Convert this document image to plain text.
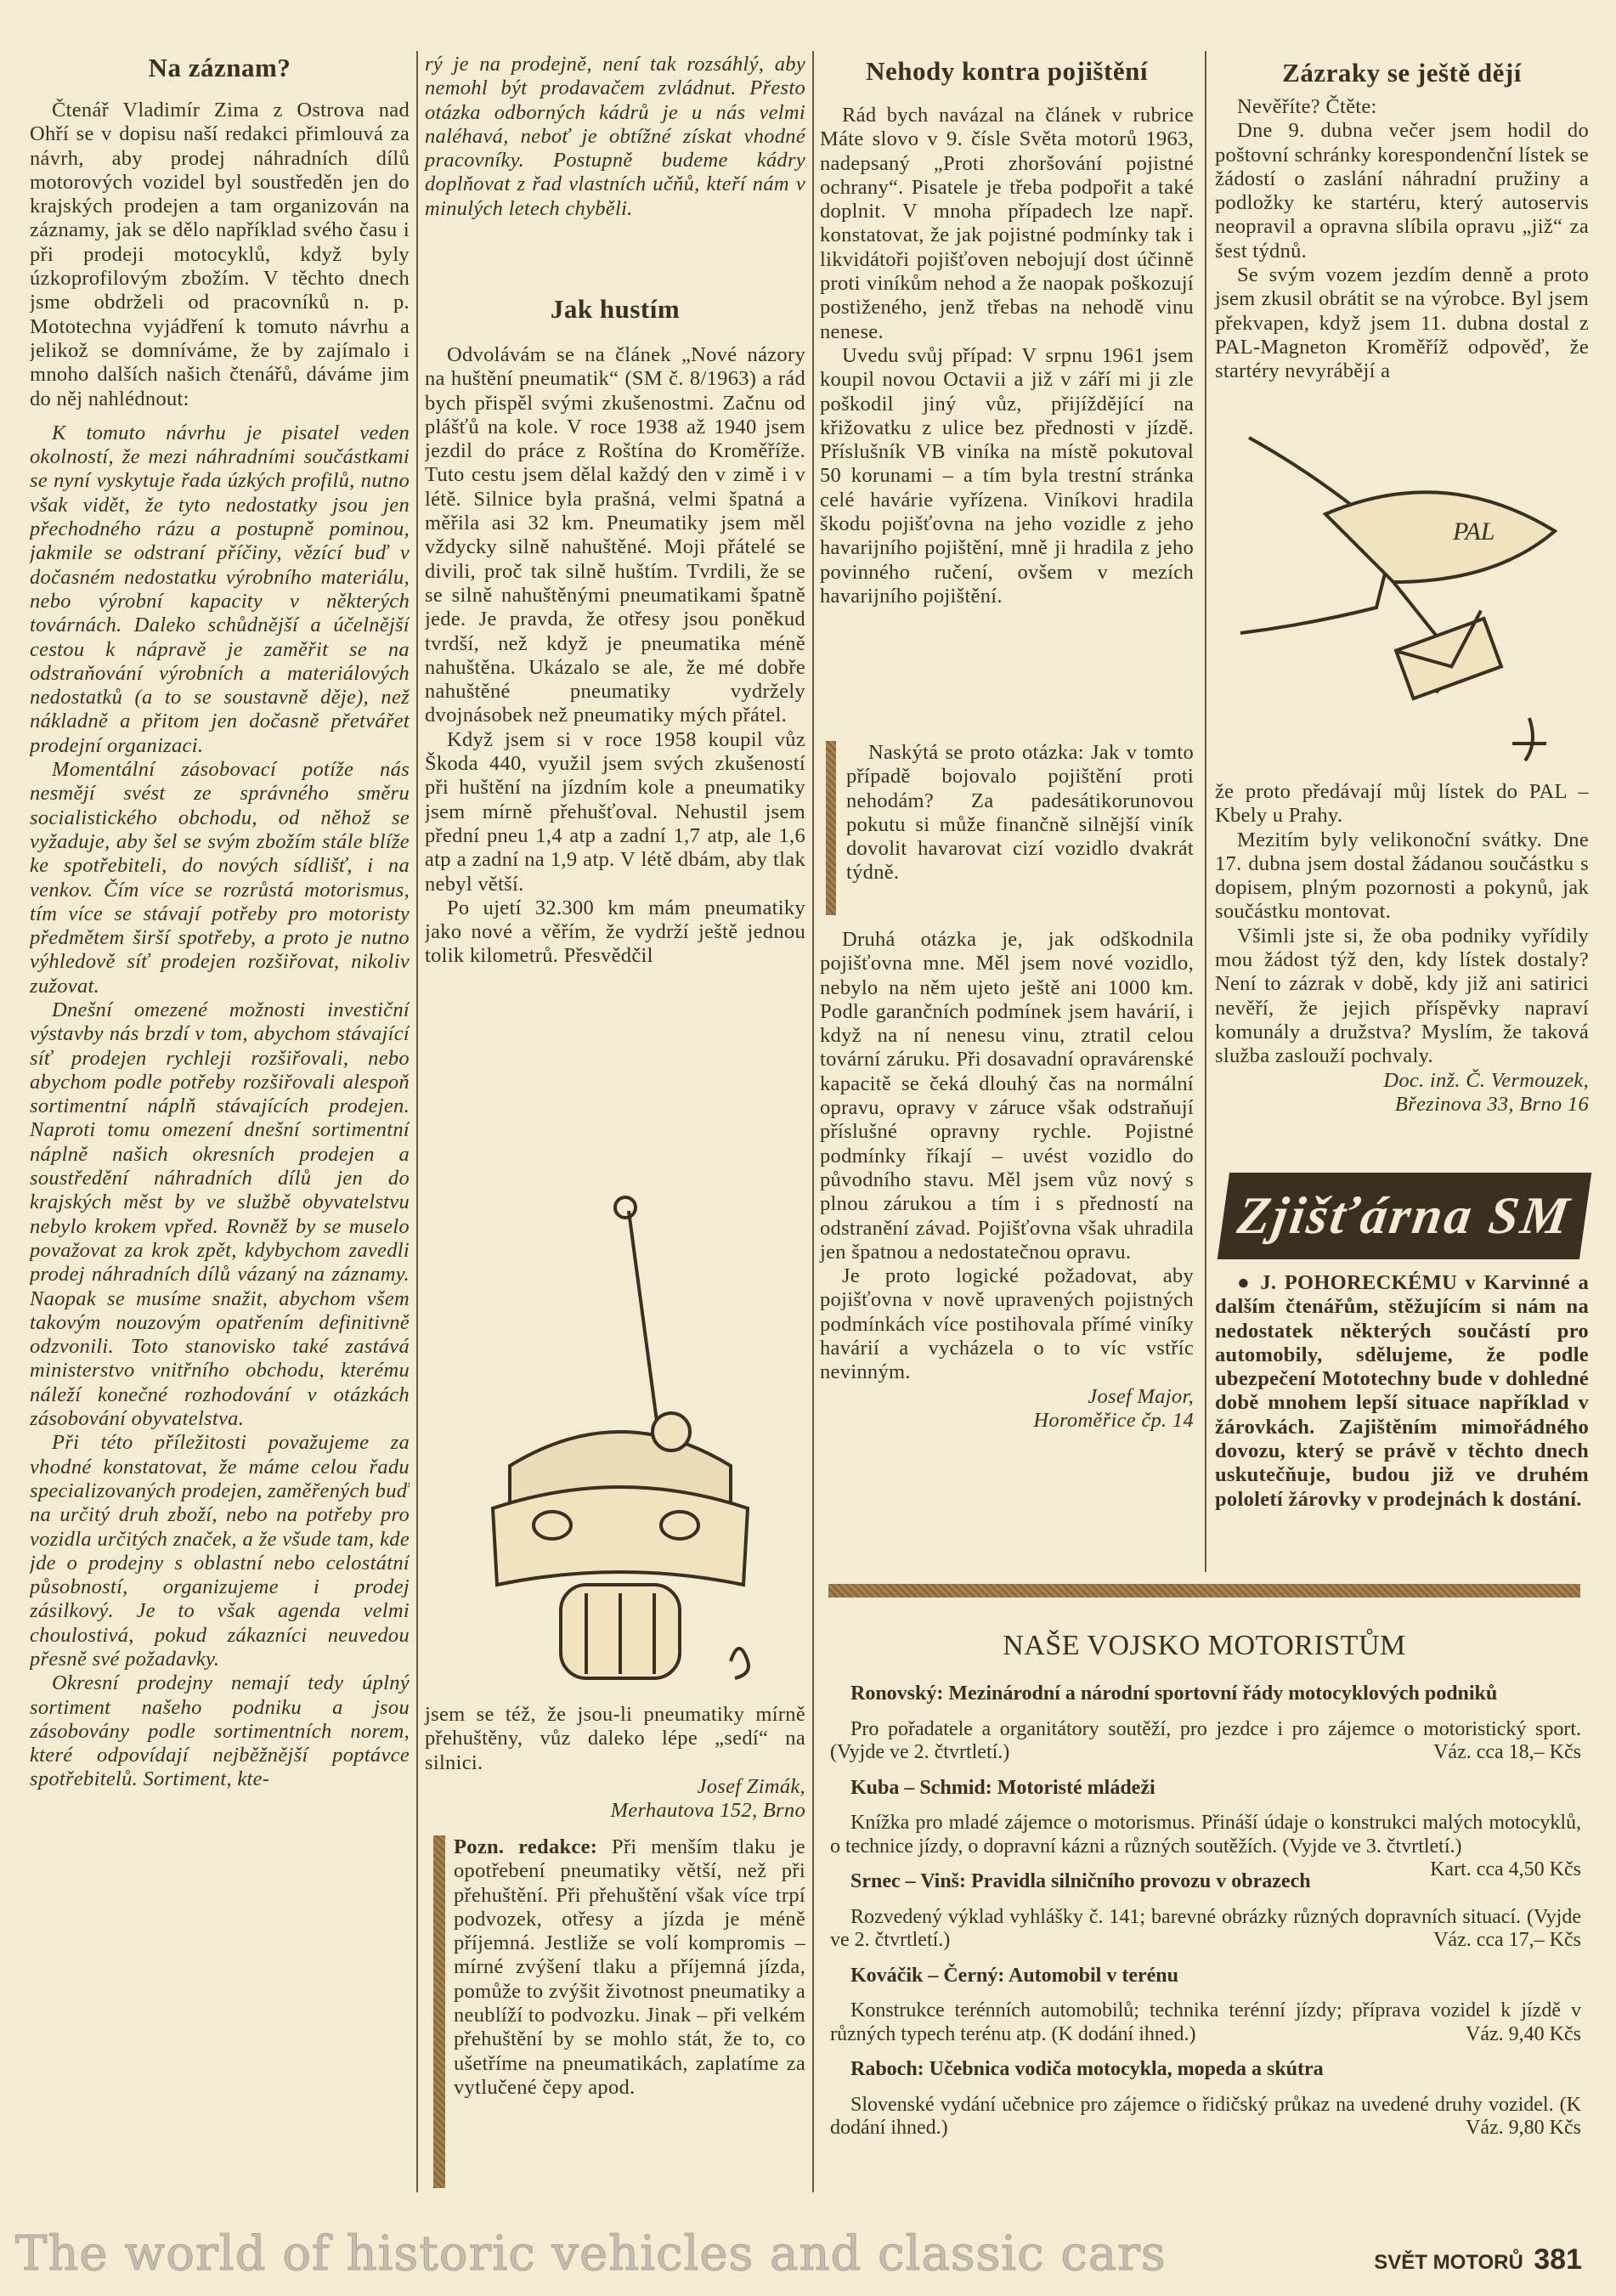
Na záznam?

Čtenář Vladimír Zima z Ostrova nad Ohří se v dopisu naší redakci přimlouvá za návrh, aby prodej náhradních dílů motorových vozidel byl soustředěn jen do krajských prodejen a tam organizován na záznamy, jak se dělo například svého času i při prodeji motocyklů, když byly úzkoprofilovým zbožím. V těchto dnech jsme obdrželi od pracovníků n. p. Mototechna vyjádření k tomuto návrhu a jelikož se domníváme, že by zajímalo i mnoho dalších našich čtenářů, dáváme jim do něj nahlédnout:

K tomuto návrhu je pisatel veden okolností, že mezi náhradními součástkami se nyní vyskytuje řada úzkých profilů, nutno však vidět, že tyto nedostatky jsou jen přechodného rázu a postupně pominou, jakmile se odstraní příčiny, vězící buď v dočasném nedostatku výrobního materiálu, nebo výrobní kapacity v některých továrnách. Daleko schůdnější a účelnější cestou k nápravě je zaměřit se na odstraňování výrobních a materiálových nedostatků (a to se soustavně děje), než nákladně a přitom jen dočasně přetvářet prodejní organizaci.

Momentální zásobovací potíže nás nesmějí svést ze správného směru socialistického obchodu, od něhož se vyžaduje, aby šel se svým zbožím stále blíže ke spotřebiteli, do nových sídlišť, i na venkov. Čím více se rozrůstá motorismus, tím více se stávají potřeby pro motoristy předmětem širší spotřeby, a proto je nutno výhledově síť prodejen rozšiřovat, nikoliv zužovat.

Dnešní omezené možnosti investiční výstavby nás brzdí v tom, abychom stávající síť prodejen rychleji rozšiřovali, nebo abychom podle potřeby rozšiřovali alespoň sortimentní náplň stávajících prodejen. Naproti tomu omezení dnešní sortimentní náplně našich okresních prodejen a soustředění náhradních dílů jen do krajských měst by ve službě obyvatelstvu nebylo krokem vpřed. Rovněž by se muselo považovat za krok zpět, kdybychom zavedli prodej náhradních dílů vázaný na záznamy. Naopak se musíme snažit, abychom všem takovým nouzovým opatřením definitivně odzvonili. Toto stanovisko také zastává ministerstvo vnitřního obchodu, kterému náleží konečné rozhodování v otázkách zásobování obyvatelstva.

Při této příležitosti považujeme za vhodné konstatovat, že máme celou řadu specializovaných prodejen, zaměřených buď na určitý druh zboží, nebo na potřeby pro vozidla určitých značek, a že všude tam, kde jde o prodejny s oblastní nebo celostátní působností, organizujeme i prodej zásilkový. Je to však agenda velmi choulostivá, pokud zákazníci neuvedou přesně své požadavky.

Okresní prodejny nemají tedy úplný sortiment našeho podniku a jsou zásobovány podle sortimentních norem, které odpovídají nejběžnější poptávce spotřebitelů. Sortiment, kte-

rý je na prodejně, není tak rozsáhlý, aby nemohl být prodavačem zvládnut. Přesto otázka odborných kádrů je u nás velmi naléhavá, neboť je obtížné získat vhodné pracovníky. Postupně budeme kádry doplňovat z řad vlastních učňů, kteří nám v minulých letech chyběli.

Jak hustím

Odvolávám se na článek „Nové názory na huštění pneumatik“ (SM č. 8/1963) a rád bych přispěl svými zkušenostmi. Začnu od plášťů na kole. V roce 1938 až 1940 jsem jezdil do práce z Roštína do Kroměříže. Tuto cestu jsem dělal každý den v zimě i v létě. Silnice byla prašná, velmi špatná a měřila asi 32 km. Pneumatiky jsem měl vždycky silně nahuštěné. Moji přátelé se divili, proč tak silně huštím. Tvrdili, že se se silně nahuštěnými pneumatikami špatně jede. Je pravda, že otřesy jsou poněkud tvrdší, než když je pneumatika méně nahuštěna. Ukázalo se ale, že mé dobře nahuštěné pneumatiky vydržely dvojnásobek než pneumatiky mých přátel.

Když jsem si v roce 1958 koupil vůz Škoda 440, využil jsem svých zkušeností při huštění na jízdním kole a pneumatiky jsem mírně přehušťoval. Nehustil jsem přední pneu 1,4 atp a zadní 1,7 atp, ale 1,6 atp a zadní na 1,9 atp. V létě dbám, aby tlak nebyl větší.

Po ujetí 32.300 km mám pneumatiky jako nové a věřím, že vydrží ještě jednou tolik kilometrů. Přesvědčil

jsem se též, že jsou-li pneumatiky mírně přehuštěny, vůz daleko lépe „sedí“ na silnici.

Josef Zimák,
Merhautova 152, Brno

Pozn. redakce: Při menším tlaku je opotřebení pneumatiky větší, než při přehuštění. Při přehuštění však více trpí podvozek, otřesy a jízda je méně příjemná. Jestliže se volí kompromis – mírné zvýšení tlaku a příjemná jízda, pomůže to zvýšit životnost pneumatiky a neublíží to podvozku. Jinak – při velkém přehuštění by se mohlo stát, že to, co ušetříme na pneumatikách, zaplatíme za vytlučené čepy apod.

Nehody kontra pojištění

Rád bych navázal na článek v rubrice Máte slovo v 9. čísle Světa motorů 1963, nadepsaný „Proti zhoršování pojistné ochrany“. Pisatele je třeba podpořit a také doplnit. V mnoha případech lze např. konstatovat, že jak pojistné podmínky tak i likvidátoři pojišťoven nebojují dost účinně proti viníkům nehod a že naopak poškozují postiženého, jenž třebas na nehodě vinu nenese.

Uvedu svůj případ: V srpnu 1961 jsem koupil novou Octavii a již v září mi ji zle poškodil jiný vůz, přijíždějící na křižovatku z ulice bez přednosti v jízdě. Příslušník VB viníka na místě pokutoval 50 korunami – a tím byla trestní stránka celé havárie vyřízena. Viníkovi hradila škodu pojišťovna na jeho vozidle z jeho havarijního pojištění, mně ji hradila z jeho povinného ručení, ovšem v mezích havarijního pojištění.

Naskýtá se proto otázka: Jak v tomto případě bojovalo pojištění proti nehodám? Za padesátikorunovou pokutu si může finančně silnější viník dovolit havarovat cizí vozidlo dvakrát týdně.

Druhá otázka je, jak odškodnila pojišťovna mne. Měl jsem nové vozidlo, nebylo na něm ujeto ještě ani 1000 km. Podle garančních podmínek jsem havárií, i když na ní nenesu vinu, ztratil celou tovární záruku. Při dosavadní opravárenské kapacitě se čeká dlouhý čas na normální opravu, opravy v záruce však odstraňují příslušné opravny rychle. Pojistné podmínky říkají – uvést vozidlo do původního stavu. Měl jsem vůz nový s plnou zárukou a tím i s předností na odstranění závad. Pojišťovna však uhradila jen špatnou a nedostatečnou opravu.

Je proto logické požadovat, aby pojišťovna v nově upravených pojistných podmínkách více postihovala přímé viníky havárií a vycházela o to víc vstříc nevinným.

Josef Major,
Horoměřice čp. 14
Zázraky se ještě dějí

Nevěříte? Čtěte:

Dne 9. dubna večer jsem hodil do poštovní schránky korespondenční lístek se žádostí o zaslání náhradní pružiny a podložky ke startéru, který autoservis neopravil a opravna slíbila opravu „již“ za šest týdnů.

Se svým vozem jezdím denně a proto jsem zkusil obrátit se na výrobce. Byl jsem překvapen, když jsem 11. dubna dostal z PAL-Magneton Kroměříž odpověď, že startéry nevyrábějí a

PAL

že proto předávají můj lístek do PAL – Kbely u Prahy.

Mezitím byly velikonoční svátky. Dne 17. dubna jsem dostal žádanou součástku s dopisem, plným pozornosti a pokynů, jak součástku montovat.

Všimli jste si, že oba podniky vyřídily mou žádost týž den, kdy lístek dostaly? Není to zázrak v době, kdy již ani satirici nevěří, že jejich příspěvky napraví komunály a družstva? Myslím, že taková služba zaslouží pochvaly.

Doc. inž. Č. Vermouzek,
Březinova 33, Brno 16
Zjišťárna SM

● J. POHORECKÉMU v Karvinné a dalším čtenářům, stěžujícím si nám na nedostatek některých součástí pro automobily, sdělujeme, že podle ubezpečení Mototechny bude v dohledné době mnohem lepší situace například v žárovkách. Zajištěním mimořádného dovozu, který se právě v těchto dnech uskutečňuje, budou již ve druhém pololetí žárovky v prodejnách k dostání.

NAŠE VOJSKO MOTORISTŮM

Ronovský: Mezinárodní a národní sportovní řády motocyklových podniků

Pro pořadatele a organitátory soutěží, pro jezdce i pro zájemce o motoristický sport. (Vyjde ve 2. čtvrtletí.)	Váz. cca 18,– Kčs

Kuba – Schmid: Motoristé mládeži

Knížka pro mladé zájemce o motorismus. Přináší údaje o konstrukci malých motocyklů, o technice jízdy, o dopravní kázni a různých soutěžích. (Vyjde ve 3. čtvrtletí.)
Kart. cca 4,50 Kčs

Srnec – Vinš: Pravidla silničního provozu v obrazech

Rozvedený výklad vyhlášky č. 141; barevné obrázky různých dopravních situací. (Vyjde ve 2. čtvrtletí.)	Váz. cca 17,– Kčs

Kováčik – Černý: Automobil v terénu

Konstrukce terénních automobilů; technika terénní jízdy; příprava vozidel k jízdě v různých typech terénu atp. (K dodání ihned.)	Váz. 9,40 Kčs

Raboch: Učebnica vodiča motocykla, mopeda a skútra

Slovenské vydání učebnice pro zájemce o řidičský průkaz na uvedené druhy vozidel. (K dodání ihned.)	Váz. 9,80 Kčs

The world of historic vehicles and classic cars	SVĚT MOTORŮ 381
